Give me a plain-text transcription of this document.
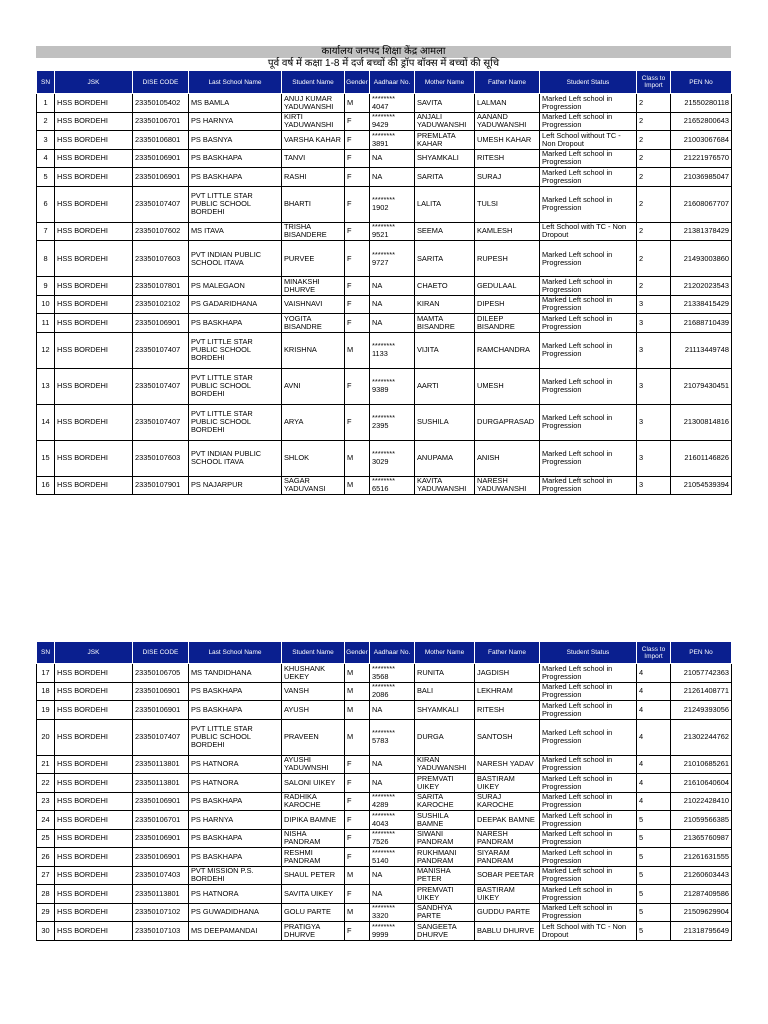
कार्यालय जनपद शिक्षा केंद्र आमला
पूर्व वर्ष में कक्षा 1-8 में दर्ज बच्चों की ड्रॉप बॉक्स में बच्चों की सूचि
SN	JSK	DISE CODE	Last School Name	Student Name	Gender	Aadhaar No.	Mother Name	Father Name	Student Status	Class to Import	PEN No
1	HSS BORDEHI	23350105402	MS BAMLA	ANUJ KUMAR YADUWANSHI	M	******** 4047	SAVITA	LALMAN	Marked Left school in Progression	2	21550280118
2	HSS BORDEHI	23350106701	PS HARNYA	KIRTI YADUWANSHI	F	******** 9429	ANJALI YADUWANSHI	AANAND YADUWANSHI	Marked Left school in Progression	2	21652800643
3	HSS BORDEHI	23350106801	PS BASNYA	VARSHA KAHAR	F	******** 3891	PREMLATA KAHAR	UMESH KAHAR	Left School without TC - Non Dropout	2	21003067684
4	HSS BORDEHI	23350106901	PS BASKHAPA	TANVI	F	NA	SHYAMKALI	RITESH	Marked Left school in Progression	2	21221976570
5	HSS BORDEHI	23350106901	PS BASKHAPA	RASHI	F	NA	SARITA	SURAJ	Marked Left school in Progression	2	21036985047
6	HSS BORDEHI	23350107407	PVT LITTLE STAR PUBLIC SCHOOL BORDEHI	BHARTI	F	******** 1902	LALITA	TULSI	Marked Left school in Progression	2	21608067707
7	HSS BORDEHI	23350107602	MS ITAVA	TRISHA BISANDERE	F	******** 9521	SEEMA	KAMLESH	Left School with TC - Non Dropout	2	21381378429
8	HSS BORDEHI	23350107603	PVT INDIAN PUBLIC SCHOOL ITAVA	PURVEE	F	******** 9727	SARITA	RUPESH	Marked Left school in Progression	2	21493003860
9	HSS BORDEHI	23350107801	PS MALEGAON	MINAKSHI DHURVE	F	NA	CHAETO	GEDULAAL	Marked Left school in Progression	2	21202023543
10	HSS BORDEHI	23350102102	PS GADARIDHANA	VAISHNAVI	F	NA	KIRAN	DIPESH	Marked Left school in Progression	3	21338415429
11	HSS BORDEHI	23350106901	PS BASKHAPA	YOGITA BISANDRE	F	NA	MAMTA BISANDRE	DILEEP BISANDRE	Marked Left school in Progression	3	21688710439
12	HSS BORDEHI	23350107407	PVT LITTLE STAR PUBLIC SCHOOL BORDEHI	KRISHNA	M	******** 1133	VIJITA	RAMCHANDRA	Marked Left school in Progression	3	21113449748
13	HSS BORDEHI	23350107407	PVT LITTLE STAR PUBLIC SCHOOL BORDEHI	AVNI	F	******** 9389	AARTI	UMESH	Marked Left school in Progression	3	21079430451
14	HSS BORDEHI	23350107407	PVT LITTLE STAR PUBLIC SCHOOL BORDEHI	ARYA	F	******** 2395	SUSHILA	DURGAPRASAD	Marked Left school in Progression	3	21300814816
15	HSS BORDEHI	23350107603	PVT INDIAN PUBLIC SCHOOL ITAVA	SHLOK	M	******** 3029	ANUPAMA	ANISH	Marked Left school in Progression	3	21601146826
16	HSS BORDEHI	23350107901	PS NAJARPUR	SAGAR YADUVANSI	M	******** 6516	KAVITA YADUWANSHI	NARESH YADUWANSHI	Marked Left school in Progression	3	21054539394
SN	JSK	DISE CODE	Last School Name	Student Name	Gender	Aadhaar No.	Mother Name	Father Name	Student Status	Class to Import	PEN No
17	HSS BORDEHI	23350106705	MS TANDIDHANA	KHUSHANK UEKEY	M	******** 3568	RUNITA	JAGDISH	Marked Left school in Progression	4	21057742363
18	HSS BORDEHI	23350106901	PS BASKHAPA	VANSH	M	******** 2086	BALI	LEKHRAM	Marked Left school in Progression	4	21261408771
19	HSS BORDEHI	23350106901	PS BASKHAPA	AYUSH	M	NA	SHYAMKALI	RITESH	Marked Left school in Progression	4	21249393056
20	HSS BORDEHI	23350107407	PVT LITTLE STAR PUBLIC SCHOOL BORDEHI	PRAVEEN	M	******** 5783	DURGA	SANTOSH	Marked Left school in Progression	4	21302244762
21	HSS BORDEHI	23350113801	PS HATNORA	AYUSHI YADUWNSHI	F	NA	KIRAN YADUWANSHI	NARESH YADAV	Marked Left school in Progression	4	21010685261
22	HSS BORDEHI	23350113801	PS HATNORA	SALONI UIKEY	F	NA	PREMVATI UIKEY	BASTIRAM UIKEY	Marked Left school in Progression	4	21610640604
23	HSS BORDEHI	23350106901	PS BASKHAPA	RADHIKA KAROCHE	F	******** 4289	SARITA KAROCHE	SURAJ KAROCHE	Marked Left school in Progression	4	21022428410
24	HSS BORDEHI	23350106701	PS HARNYA	DIPIKA BAMNE	F	******** 4043	SUSHILA BAMNE	DEEPAK BAMNE	Marked Left school in Progression	5	21059566385
25	HSS BORDEHI	23350106901	PS BASKHAPA	NISHA PANDRAM	F	******** 7526	SIWANI PANDRAM	NARESH PANDRAM	Marked Left school in Progression	5	21365760987
26	HSS BORDEHI	23350106901	PS BASKHAPA	RESHMI PANDRAM	F	******** 5140	RUKHMANI PANDRAM	SIYARAM PANDRAM	Marked Left school in Progression	5	21261631555
27	HSS BORDEHI	23350107403	PVT MISSION P.S. BORDEHI	SHAUL PETER	M	NA	MANISHA PETER	SOBAR PEETAR	Marked Left school in Progression	5	21260603443
28	HSS BORDEHI	23350113801	PS HATNORA	SAVITA UIKEY	F	NA	PREMVATI UIKEY	BASTIRAM UIKEY	Marked Left school in Progression	5	21287409586
29	HSS BORDEHI	23350107102	PS GUWADIDHANA	GOLU PARTE	M	******** 3320	SANDHYA PARTE	GUDDU PARTE	Marked Left school in Progression	5	21509629904
30	HSS BORDEHI	23350107103	MS DEEPAMANDAI	PRATIGYA DHURVE	F	******** 9999	SANGEETA DHURVE	BABLU DHURVE	Left School with TC - Non Dropout	5	21318795649
